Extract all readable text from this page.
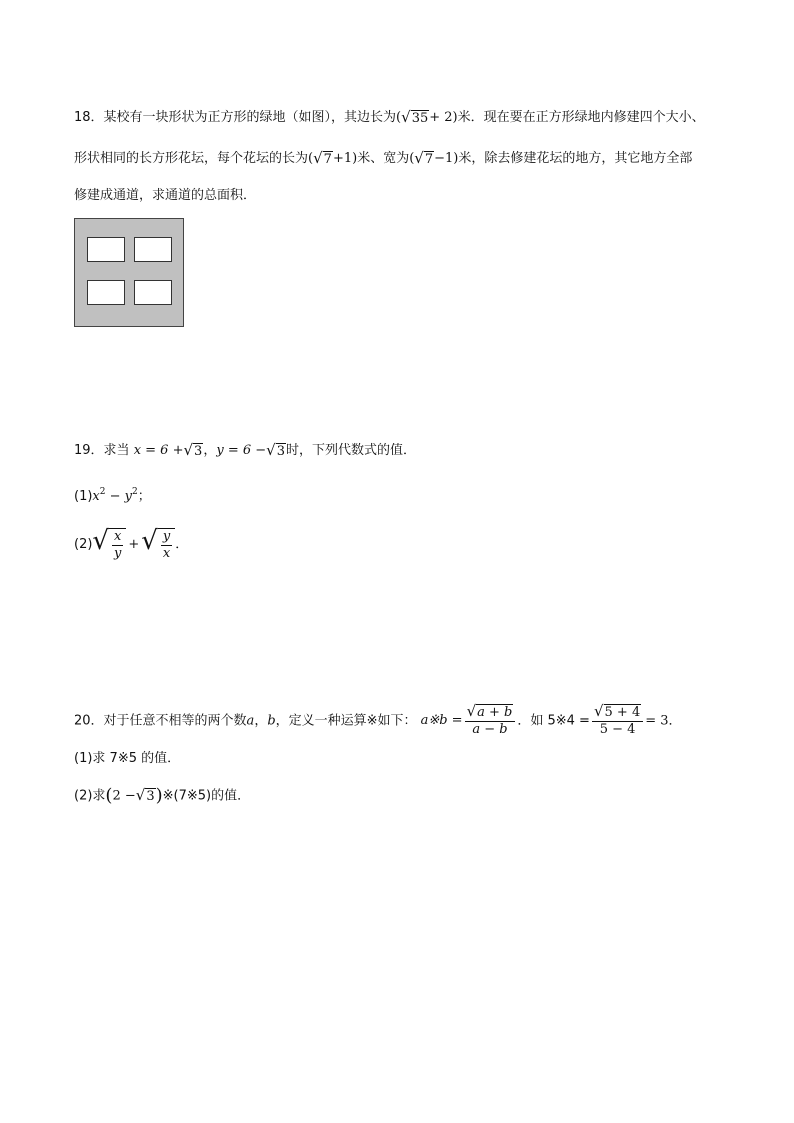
18．某校有一块形状为正方形的绿地（如图），其边长为( √ 35 + 2)米．现在要在正方形绿地内修建四个大小、
形状相同的长方形花坛，每个花坛的长为( √ 7 +1)米、宽为( √ 7 −1)米，除去修建花坛的地方，其它地方全部
修建成通道，求通道的总面积．
19．求当 x = 6 + √ 3 ，y = 6 − √ 3 时，下列代数式的值．
$(1)x^2 - y^2$；
(2) √ $\frac{x}{y}$ + √ $\frac{y}{x}$ ．
20．对于任意不相等的两个数a，b，定义一种运算※如下： a※b = $\frac{√ a + b}{a - b}$ ．如 5※4 = $\frac{√ 5 + 4}{5 - 4} = 3$．
(1)求 7※5 的值．
(2)求(2 − √ 3 )※(7※5)的值．
